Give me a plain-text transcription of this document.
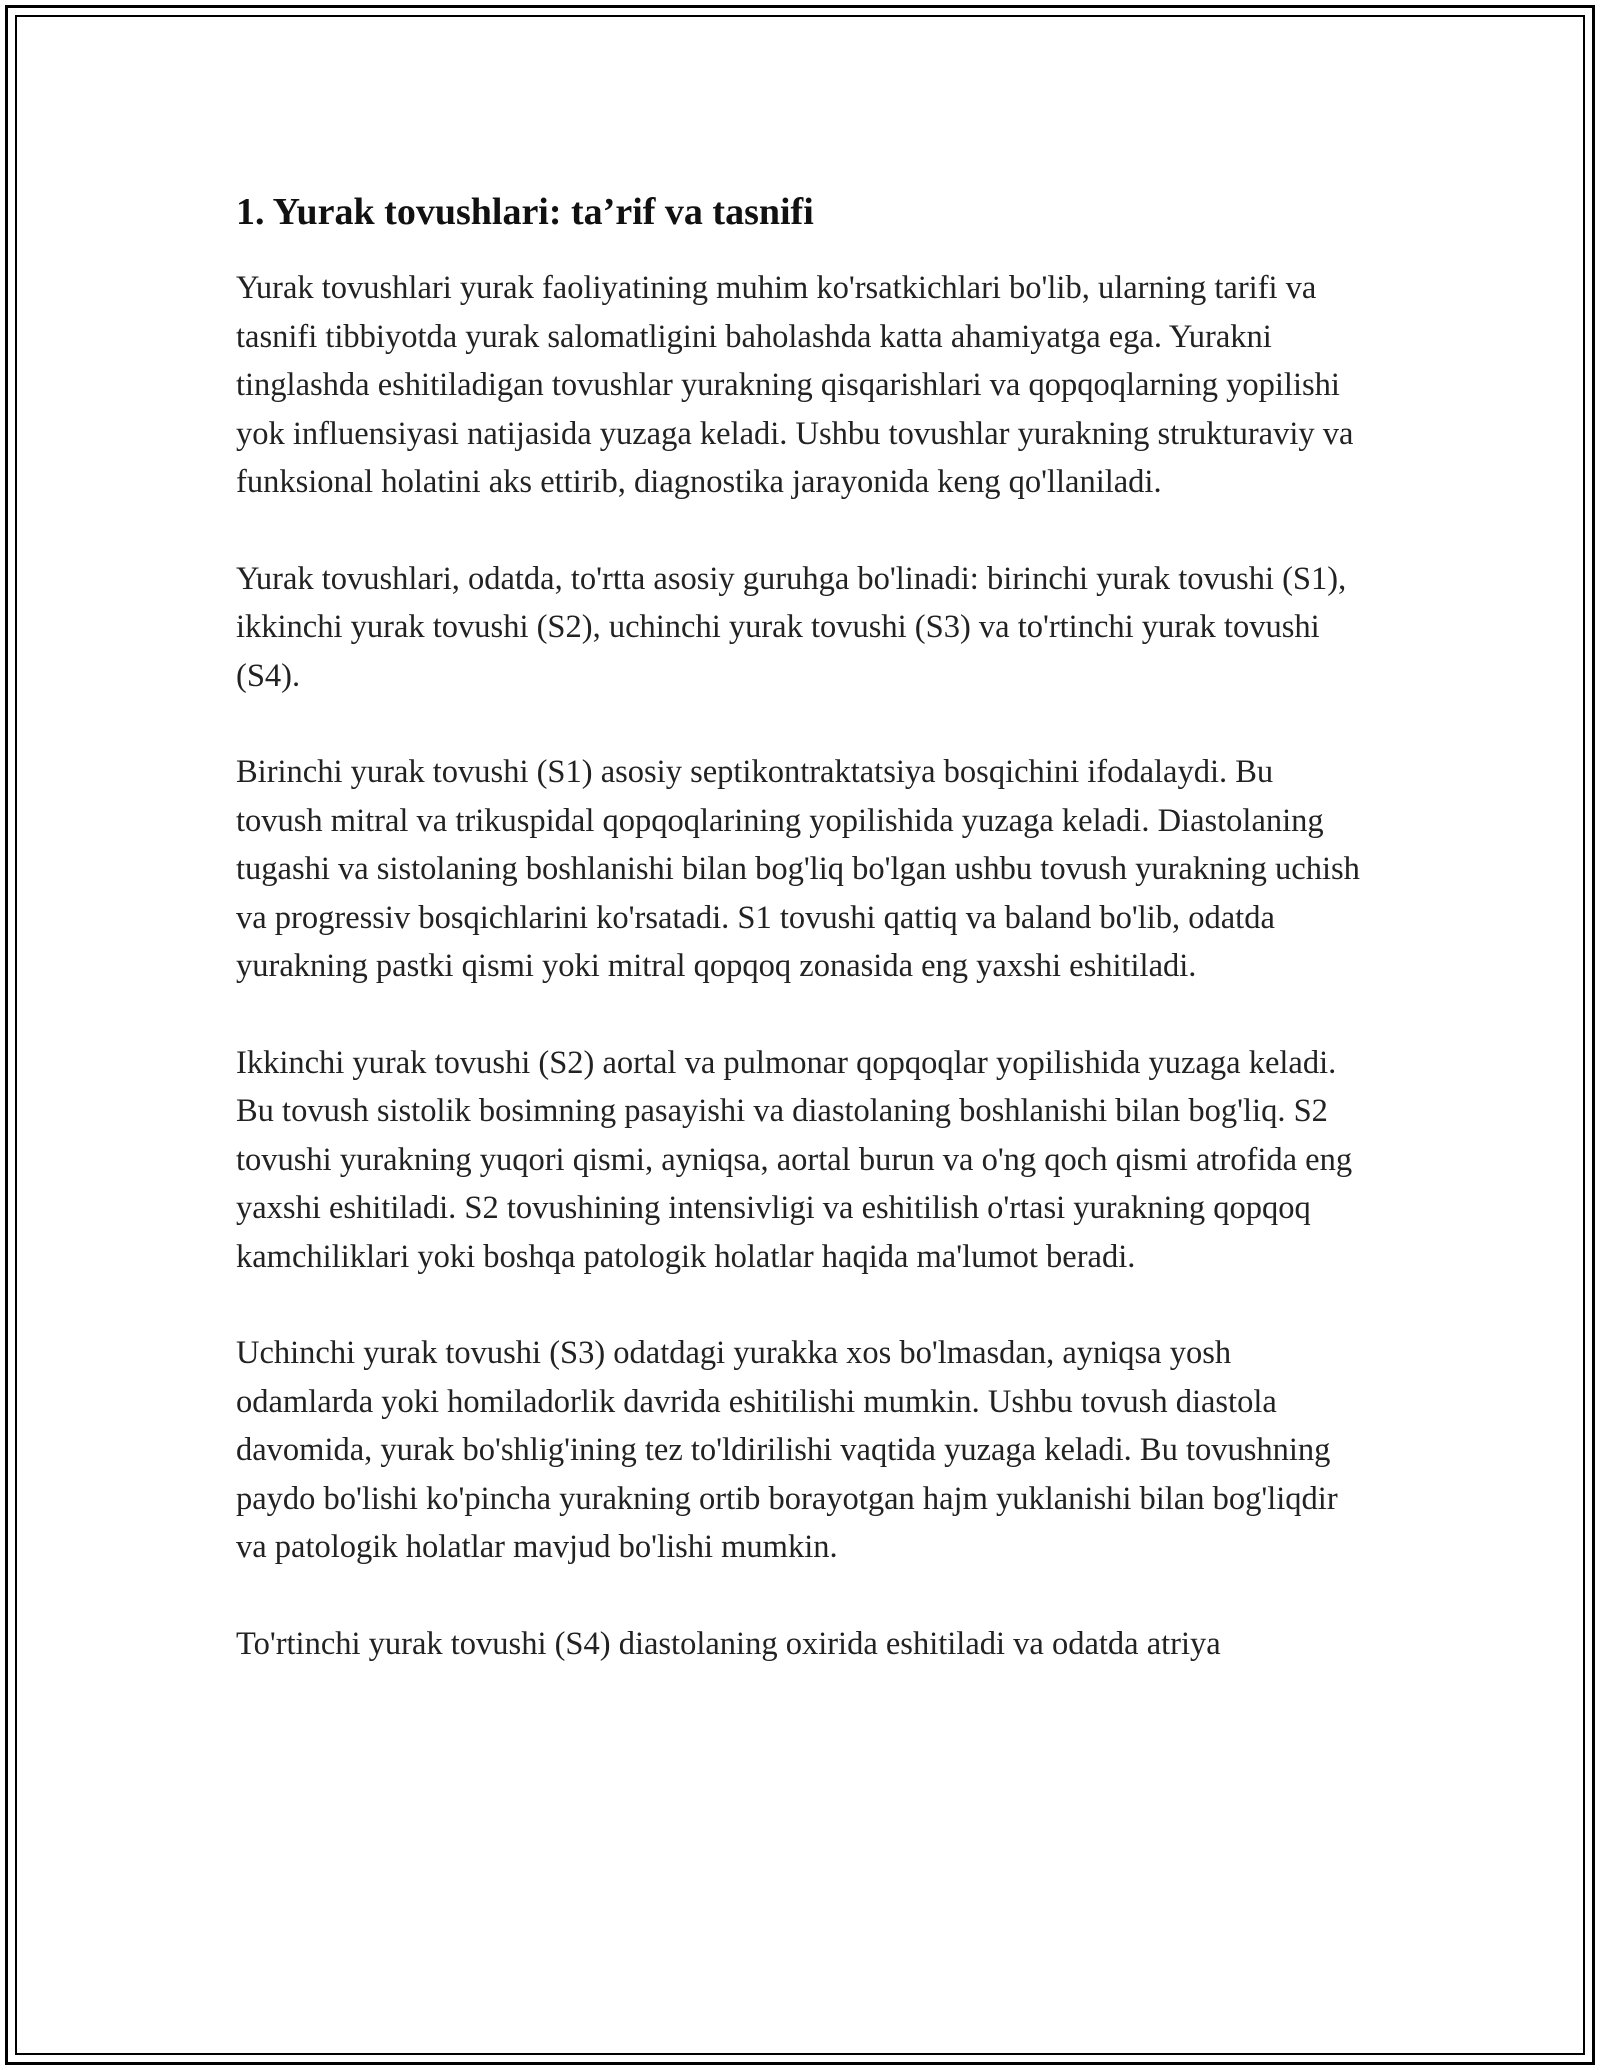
1. Yurak tovushlari: ta’rif va tasnifi

Yurak tovushlari yurak faoliyatining muhim ko'rsatkichlari bo'lib, ularning tarifi va tasnifi tibbiyotda yurak salomatligini baholashda katta ahamiyatga ega. Yurakni tinglashda eshitiladigan tovushlar yurakning qisqarishlari va qopqoqlarning yopilishi yok influensiyasi natijasida yuzaga keladi. Ushbu tovushlar yurakning strukturaviy va funksional holatini aks ettirib, diagnostika jarayonida keng qo'llaniladi.

Yurak tovushlari, odatda, to'rtta asosiy guruhga bo'linadi: birinchi yurak tovushi (S1), ikkinchi yurak tovushi (S2), uchinchi yurak tovushi (S3) va to'rtinchi yurak tovushi (S4).

Birinchi yurak tovushi (S1) asosiy septikontraktatsiya bosqichini ifodalaydi. Bu tovush mitral va trikuspidal qopqoqlarining yopilishida yuzaga keladi. Diastolaning tugashi va sistolaning boshlanishi bilan bog'liq bo'lgan ushbu tovush yurakning uchish va progressiv bosqichlarini ko'rsatadi. S1 tovushi qattiq va baland bo'lib, odatda yurakning pastki qismi yoki mitral qopqoq zonasida eng yaxshi eshitiladi.

Ikkinchi yurak tovushi (S2) aortal va pulmonar qopqoqlar yopilishida yuzaga keladi. Bu tovush sistolik bosimning pasayishi va diastolaning boshlanishi bilan bog'liq. S2 tovushi yurakning yuqori qismi, ayniqsa, aortal burun va o'ng qoch qismi atrofida eng yaxshi eshitiladi. S2 tovushining intensivligi va eshitilish o'rtasi yurakning qopqoq kamchiliklari yoki boshqa patologik holatlar haqida ma'lumot beradi.

Uchinchi yurak tovushi (S3) odatdagi yurakka xos bo'lmasdan, ayniqsa yosh odamlarda yoki homiladorlik davrida eshitilishi mumkin. Ushbu tovush diastola davomida, yurak bo'shlig'ining tez to'ldirilishi vaqtida yuzaga keladi. Bu tovushning paydo bo'lishi ko'pincha yurakning ortib borayotgan hajm yuklanishi bilan bog'liqdir va patologik holatlar mavjud bo'lishi mumkin.

To'rtinchi yurak tovushi (S4) diastolaning oxirida eshitiladi va odatda atriya
